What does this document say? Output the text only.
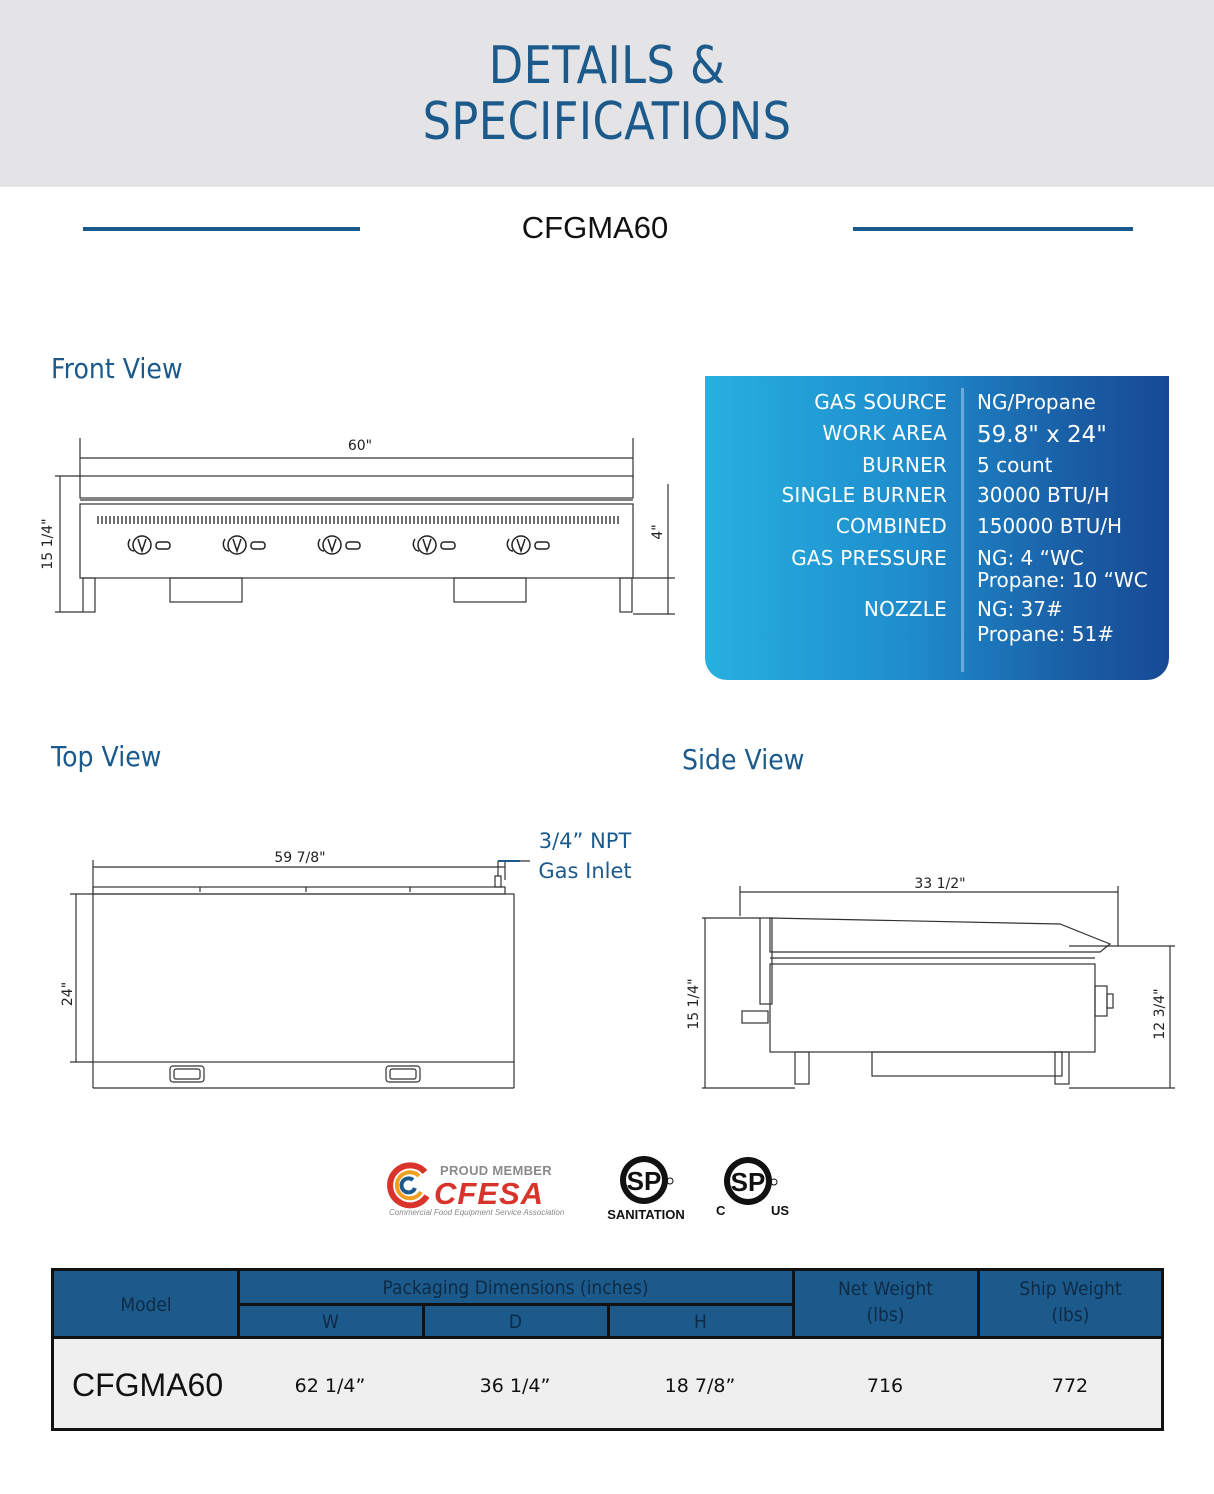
DETAILS &
SPECIFICATIONS
CFGMA60
Front View
60"
15 1/4"	4"
GAS SOURCE NG/Propane
WORK AREA 59.8" x 24"
BURNER 5 count
SINGLE BURNER 30000 BTU/H
COMBINED 150000 BTU/H
GAS PRESSURE NG: 4 “WC
Propane: 10 “WC
NOZZLE NG: 37#
Propane: 51#
Top View
59 7/8"
24"
3/4” NPT
Gas Inlet
Side View
33 1/2"
15 1/4"	12 3/4"
PROUD MEMBER
CFESA
Commercial Food Equipment Service Association
SP
SANITATION
SP
C	US
Model
Packaging Dimensions (inches)
W	D	H
Net Weight
(lbs)
Ship Weight
(lbs)
CFGMA60	62 1/4”	36 1/4”	18 7/8”	716	772
